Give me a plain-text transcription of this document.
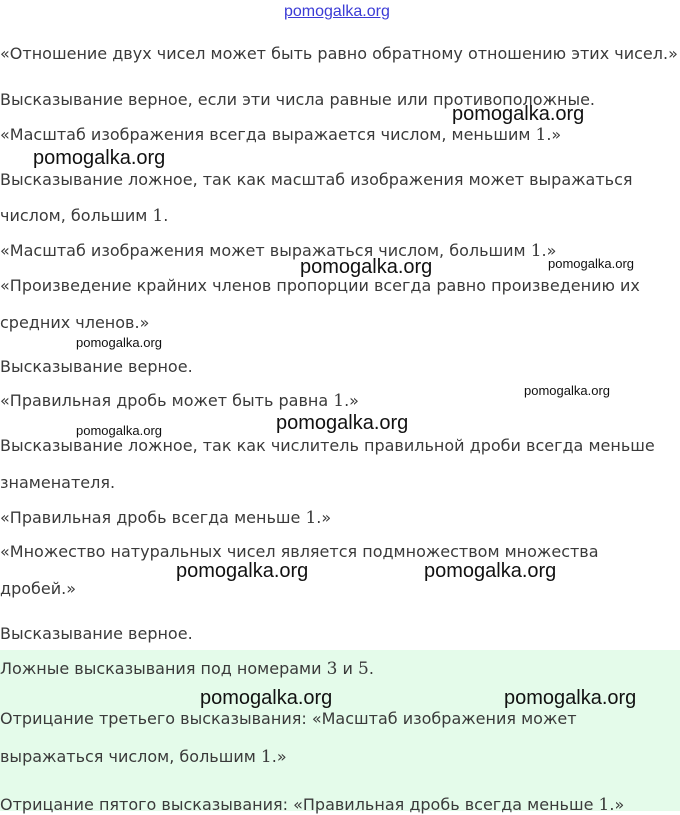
pomogalka.org

«Отношение двух чисел может быть равно обратному отношению этих чисел.»

Высказывание верное, если эти числа равные или противоположные.

«Масштаб изображения всегда выражается числом, меньшим 1.»

Высказывание ложное, так как масштаб изображения может выражаться

числом, большим 1.

«Масштаб изображения может выражаться числом, большим 1.»

«Произведение крайних членов пропорции всегда равно произведению их

средних членов.»

Высказывание верное.

«Правильная дробь может быть равна 1.»

Высказывание ложное, так как числитель правильной дроби всегда меньше

знаменателя.

«Правильная дробь всегда меньше 1.»

«Множество натуральных чисел является подмножеством множества

дробей.»

Высказывание верное.

Ложные высказывания под номерами 3 и 5.

Отрицание третьего высказывания: «Масштаб изображения может

выражаться числом, большим 1.»

Отрицание пятого высказывания: «Правильная дробь всегда меньше 1.»

pomogalka.org
pomogalka.org
pomogalka.org	pomogalka.org
pomogalka.org
pomogalka.org
pomogalka.org
pomogalka.org
pomogalka.org	pomogalka.org
pomogalka.org	pomogalka.org
